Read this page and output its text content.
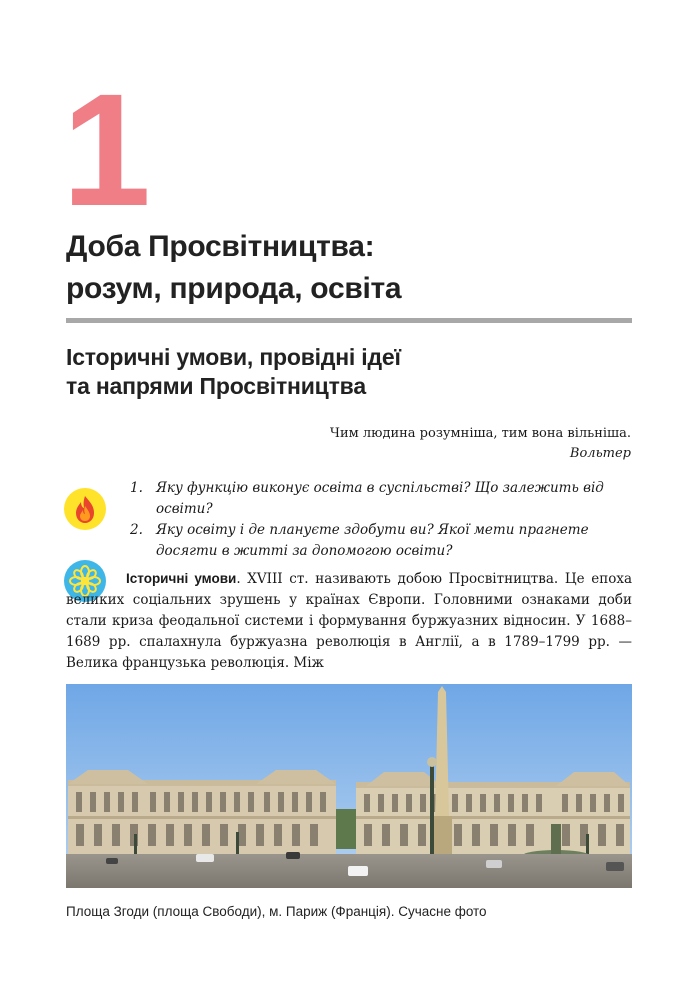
1
Доба Просвітництва:
розум, природа, освіта
Історичні умови, провідні ідеї
та напрями Просвітництва
Чим людина розумніша, тим вона вільніша.
Вольтер
1. Яку функцію виконує освіта в суспільстві? Що залежить від освіти?
2. Яку освіту і де плануєте здобути ви? Якої мети прагнете досягти в житті за допомогою освіти?

Історичні умови. XVIII ст. називають добою Просвітництва. Це епоха великих соціальних зрушень у країнах Європи. Головними ознаками доби стали криза феодальної системи і формування буржуазних відносин. У 1688–1689 рр. спалахнула буржуазна революція в Англії, а в 1789–1799 рр. — Велика французька революція. Між

Площа Згоди (площа Свободи), м. Париж (Франція). Сучасне фото
